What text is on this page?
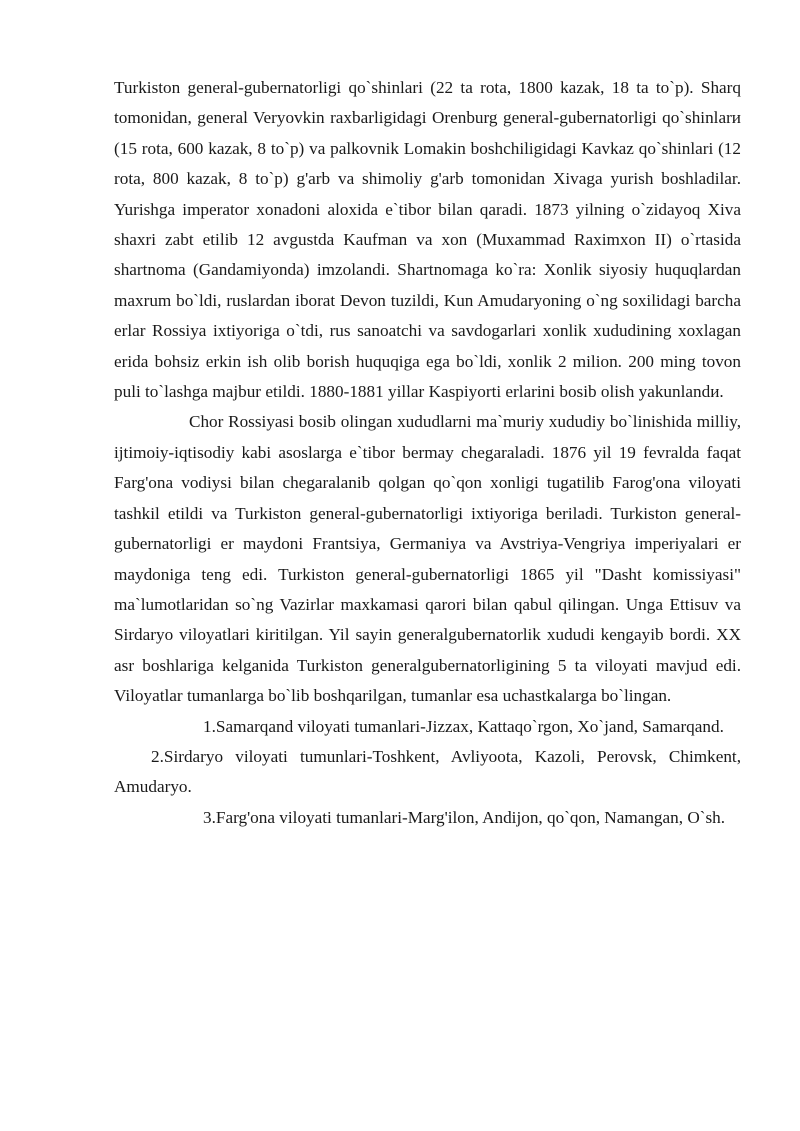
Turkiston general-gubernatorligi qo`shinlari (22 ta rota, 1800 kazak, 18 ta to`p). Sharq tomonidan, general Veryovkin raxbarligidagi Orenburg general-gubernatorligi qo`shinlarи (15 rota, 600 kazak, 8 to`p) va palkovnik Lomakin boshchiligidagi Kavkaz qo`shinlari (12 rota, 800 kazak, 8 to`p) g'arb va shimoliy g'arb tomonidan Xivaga yurish boshladilar. Yurishga imperator xonadoni aloxida e`tibor bilan qaradi. 1873 yilning o`zidayoq Xiva shaxri zabt etilib 12 avgustda Kaufman va xon (Muxammad Raximxon II) o`rtasida shartnoma (Gandamiyonda) imzolandi. Shartnomaga ko`ra: Xonlik siyosiy huquqlardan maxrum bo`ldi, ruslardan iborat Devon tuzildi, Kun Amudaryoning o`ng soxilidagi barcha erlar Rossiya ixtiyoriga o`tdi, rus sanoatchi va savdogarlari xonlik xududining xoxlagan erida bohsiz erkin ish olib borish huquqiga ega bo`ldi, xonlik 2 milion. 200 ming tovon puli to`lashga majbur etildi. 1880-1881 yillar Kaspiyorti erlarini bosib olish yakunlandи.

Chor Rossiyasi bosib olingan xududlarni ma`muriy xududiy bo`linishida milliy, ijtimoiy-iqtisodiy kabi asoslarga e`tibor bermay chegaraladi. 1876 yil 19 fevralda faqat Farg'ona vodiysi bilan chegaralanib qolgan qo`qon xonligi tugatilib Farog'ona viloyati tashkil etildi va Turkiston general-gubernatorligi ixtiyoriga beriladi. Turkiston general-gubernatorligi er maydoni Frantsiya, Germaniya va Avstriya-Vengriya imperiyalari er maydoniga teng edi. Turkiston general-gubernatorligi 1865 yil "Dasht komissiyasi" ma`lumotlaridan so`ng Vazirlar maxkamasi qarori bilan qabul qilingan. Unga Ettisuv va Sirdaryo viloyatlari kiritilgan. Yil sayin generalgubernatorlik xududi kengayib bordi. XX asr boshlariga kelganida Turkiston generalgubernatorligining 5 ta viloyati mavjud edi. Viloyatlar tumanlarga bo`lib boshqarilgan, tumanlar esa uchastkalarga bo`lingan.

1.Samarqand viloyati tumanlari-Jizzax, Kattaqo`rgon, Xo`jand, Samarqand.

2.Sirdaryo viloyati tumunlari-Toshkent, Avliyoota, Kazoli, Perovsk, Chimkent, Amudaryo.

3.Farg'ona viloyati tumanlari-Marg'ilon, Andijon, qo`qon, Namangan, O`sh.
